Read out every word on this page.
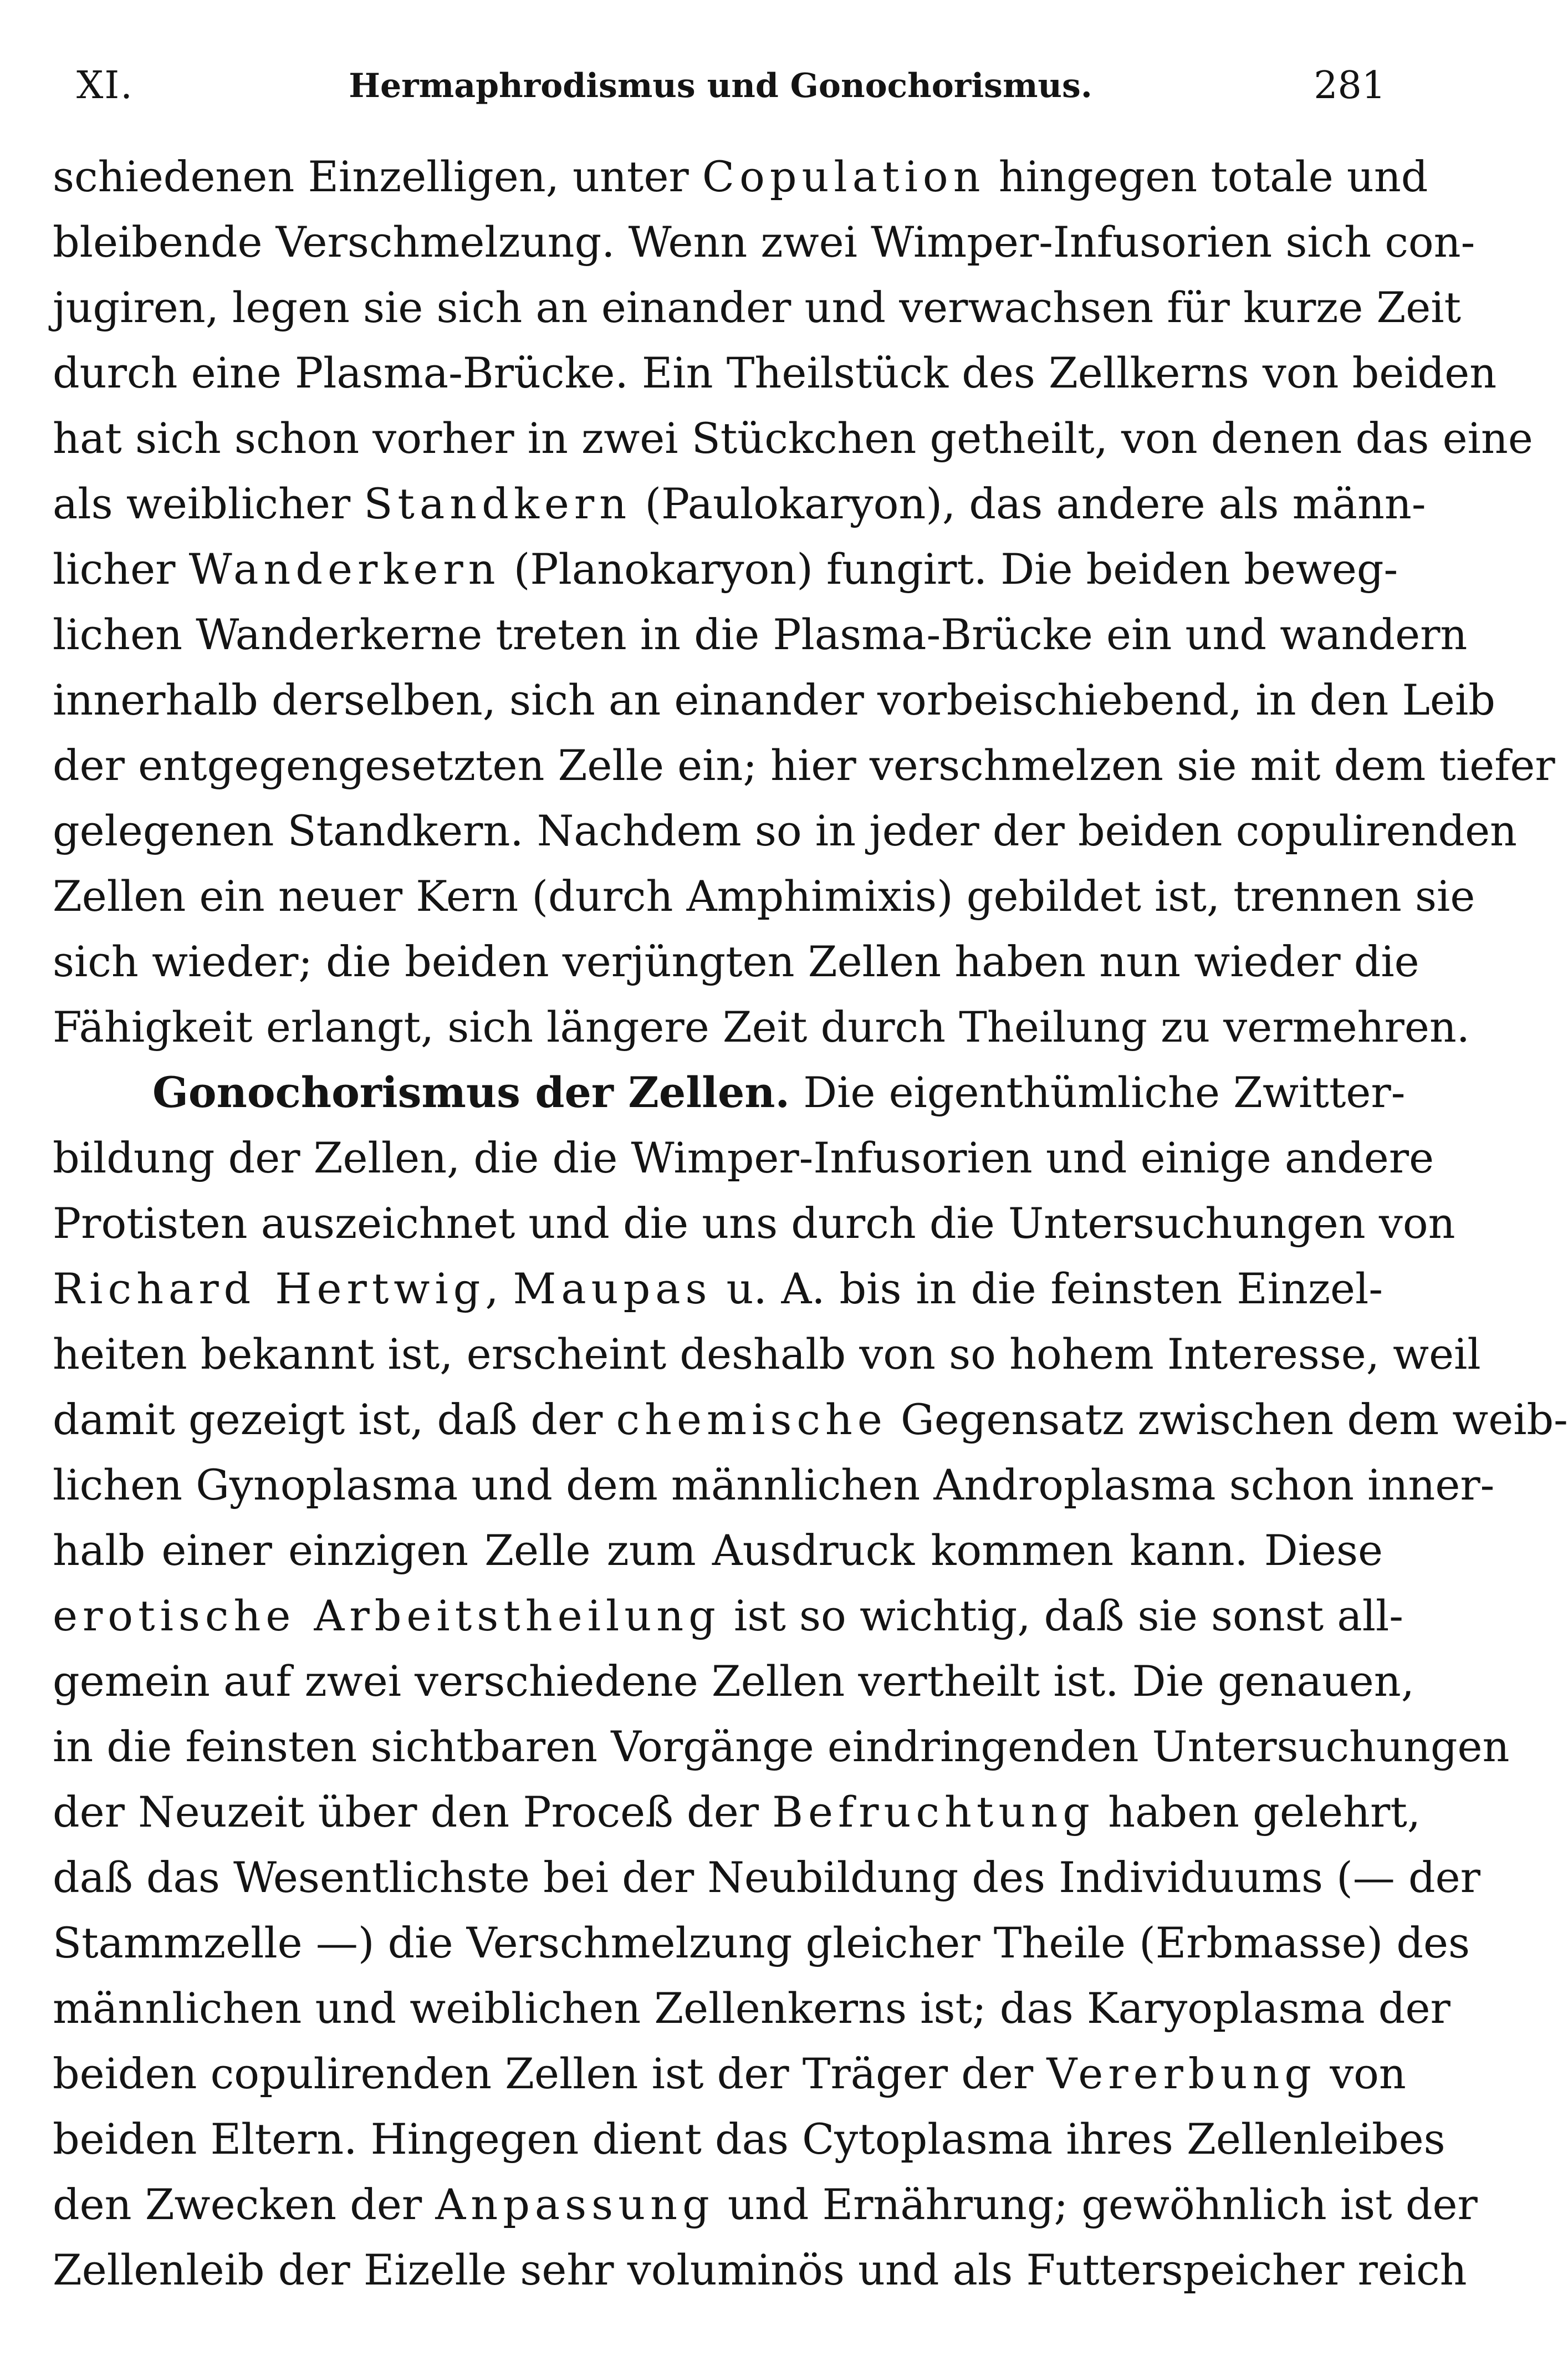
XI.	Hermaphrodismus und Gonochorismus.	281
schiedenen Einzelligen, unter Copulation hingegen totale und
bleibende Verschmelzung. Wenn zwei Wimper-Infusorien sich con-
jugiren, legen sie sich an einander und verwachsen für kurze Zeit
durch eine Plasma-Brücke. Ein Theilstück des Zellkerns von beiden
hat sich schon vorher in zwei Stückchen getheilt, von denen das eine
als weiblicher Standkern (Paulokaryon), das andere als männ-
licher Wanderkern (Planokaryon) fungirt. Die beiden beweg-
lichen Wanderkerne treten in die Plasma-Brücke ein und wandern
innerhalb derselben, sich an einander vorbeischiebend, in den Leib
der entgegengesetzten Zelle ein; hier verschmelzen sie mit dem tiefer
gelegenen Standkern. Nachdem so in jeder der beiden copulirenden
Zellen ein neuer Kern (durch Amphimixis) gebildet ist, trennen sie
sich wieder; die beiden verjüngten Zellen haben nun wieder die
Fähigkeit erlangt, sich längere Zeit durch Theilung zu vermehren.
Gonochorismus der Zellen. Die eigenthümliche Zwitter-
bildung der Zellen, die die Wimper-Infusorien und einige andere
Protisten auszeichnet und die uns durch die Untersuchungen von
Richard Hertwig, Maupas u. A. bis in die feinsten Einzel-
heiten bekannt ist, erscheint deshalb von so hohem Interesse, weil
damit gezeigt ist, daß der chemische Gegensatz zwischen dem weib-
lichen Gynoplasma und dem männlichen Androplasma schon inner-
halb einer einzigen Zelle zum Ausdruck kommen kann. Diese
erotische Arbeitstheilung ist so wichtig, daß sie sonst all-
gemein auf zwei verschiedene Zellen vertheilt ist. Die genauen,
in die feinsten sichtbaren Vorgänge eindringenden Untersuchungen
der Neuzeit über den Proceß der Befruchtung haben gelehrt,
daß das Wesentlichste bei der Neubildung des Individuums (— der
Stammzelle —) die Verschmelzung gleicher Theile (Erbmasse) des
männlichen und weiblichen Zellenkerns ist; das Karyoplasma der
beiden copulirenden Zellen ist der Träger der Vererbung von
beiden Eltern. Hingegen dient das Cytoplasma ihres Zellenleibes
den Zwecken der Anpassung und Ernährung; gewöhnlich ist der
Zellenleib der Eizelle sehr voluminös und als Futterspeicher reich
